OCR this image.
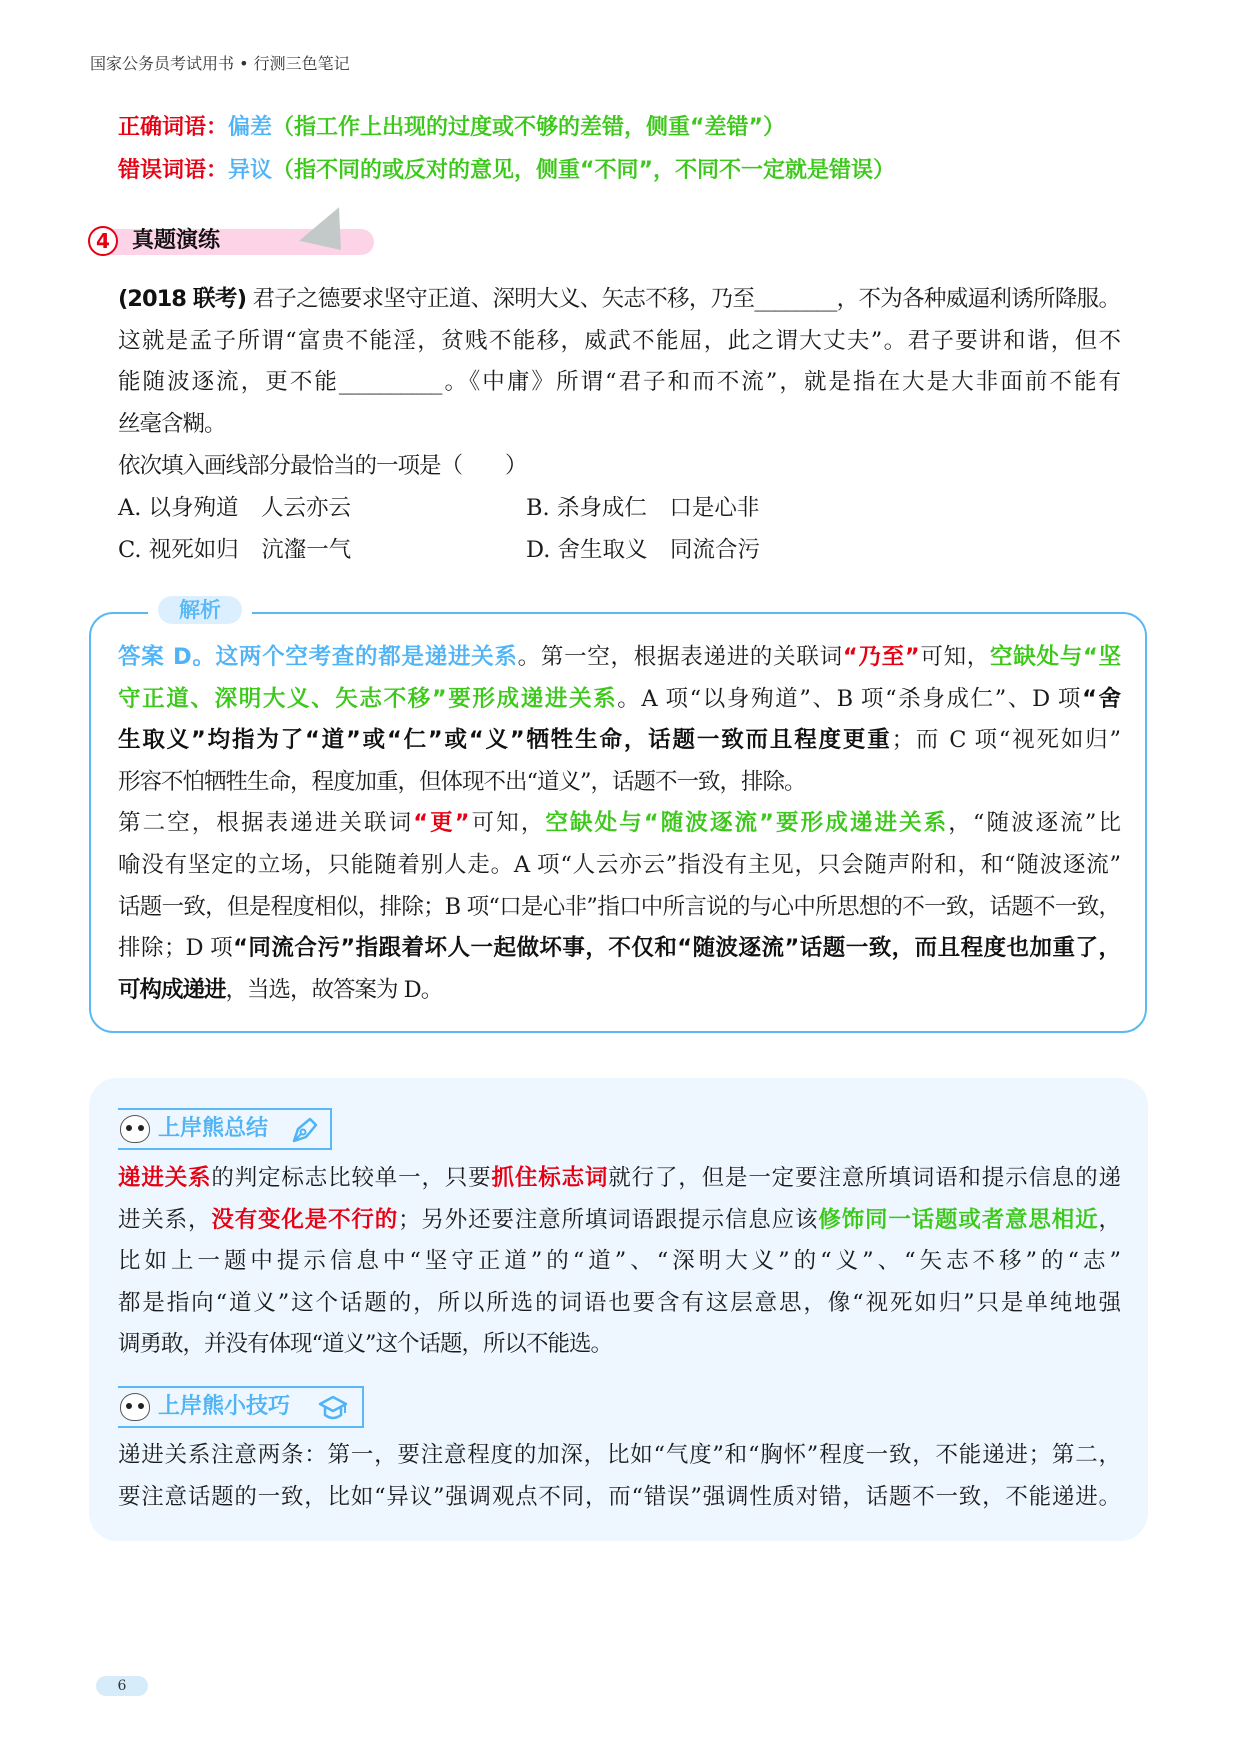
国家公务员考试用书 • 行测三色笔记
正确词语：偏差（指工作上出现的过度或不够的差错，侧重“差错”）
错误词语：异议（指不同的或反对的意见，侧重“不同”，不同不一定就是错误）
4	真题演练
(2018 联考) 君子之德要求坚守正道、深明大义、矢志不移，乃至________，不为各种威逼利诱所降服。
这就是孟子所谓“富贵不能淫，贫贱不能移，威武不能屈，此之谓大丈夫”。君子要讲和谐，但不
能随波逐流，更不能__________。《中庸》所谓“君子和而不流”，就是指在大是大非面前不能有
丝毫含糊。
依次填入画线部分最恰当的一项是（　　）
A. 以身殉道　人云亦云	B. 杀身成仁　口是心非
C. 视死如归　沆瀣一气	D. 舍生取义　同流合污
解析
答案 D。这两个空考查的都是递进关系。第一空，根据表递进的关联词“乃至”可知，空缺处与“坚
守正道、深明大义、矢志不移”要形成递进关系。A 项“以身殉道”、B 项“杀身成仁”、D 项“舍
生取义”均指为了“道”或“仁”或“义”牺牲生命，话题一致而且程度更重；而 C 项“视死如归”
形容不怕牺牲生命，程度加重，但体现不出“道义”，话题不一致，排除。
第二空，根据表递进关联词“更”可知，空缺处与“随波逐流”要形成递进关系，“随波逐流”比
喻没有坚定的立场，只能随着别人走。A 项“人云亦云”指没有主见，只会随声附和，和“随波逐流”
话题一致，但是程度相似，排除；B 项“口是心非”指口中所言说的与心中所思想的不一致，话题不一致，
排除；D 项“同流合污”指跟着坏人一起做坏事，不仅和“随波逐流”话题一致，而且程度也加重了，
可构成递进，当选，故答案为 D。
上岸熊总结
递进关系的判定标志比较单一，只要抓住标志词就行了，但是一定要注意所填词语和提示信息的递
进关系，没有变化是不行的；另外还要注意所填词语跟提示信息应该修饰同一话题或者意思相近，
比如上一题中提示信息中“坚守正道”的“道”、“深明大义”的“义”、“矢志不移”的“志”
都是指向“道义”这个话题的，所以所选的词语也要含有这层意思，像“视死如归”只是单纯地强
调勇敢，并没有体现“道义”这个话题，所以不能选。
上岸熊小技巧
递进关系注意两条：第一，要注意程度的加深，比如“气度”和“胸怀”程度一致，不能递进；第二，
要注意话题的一致，比如“异议”强调观点不同，而“错误”强调性质对错，话题不一致，不能递进。
6
